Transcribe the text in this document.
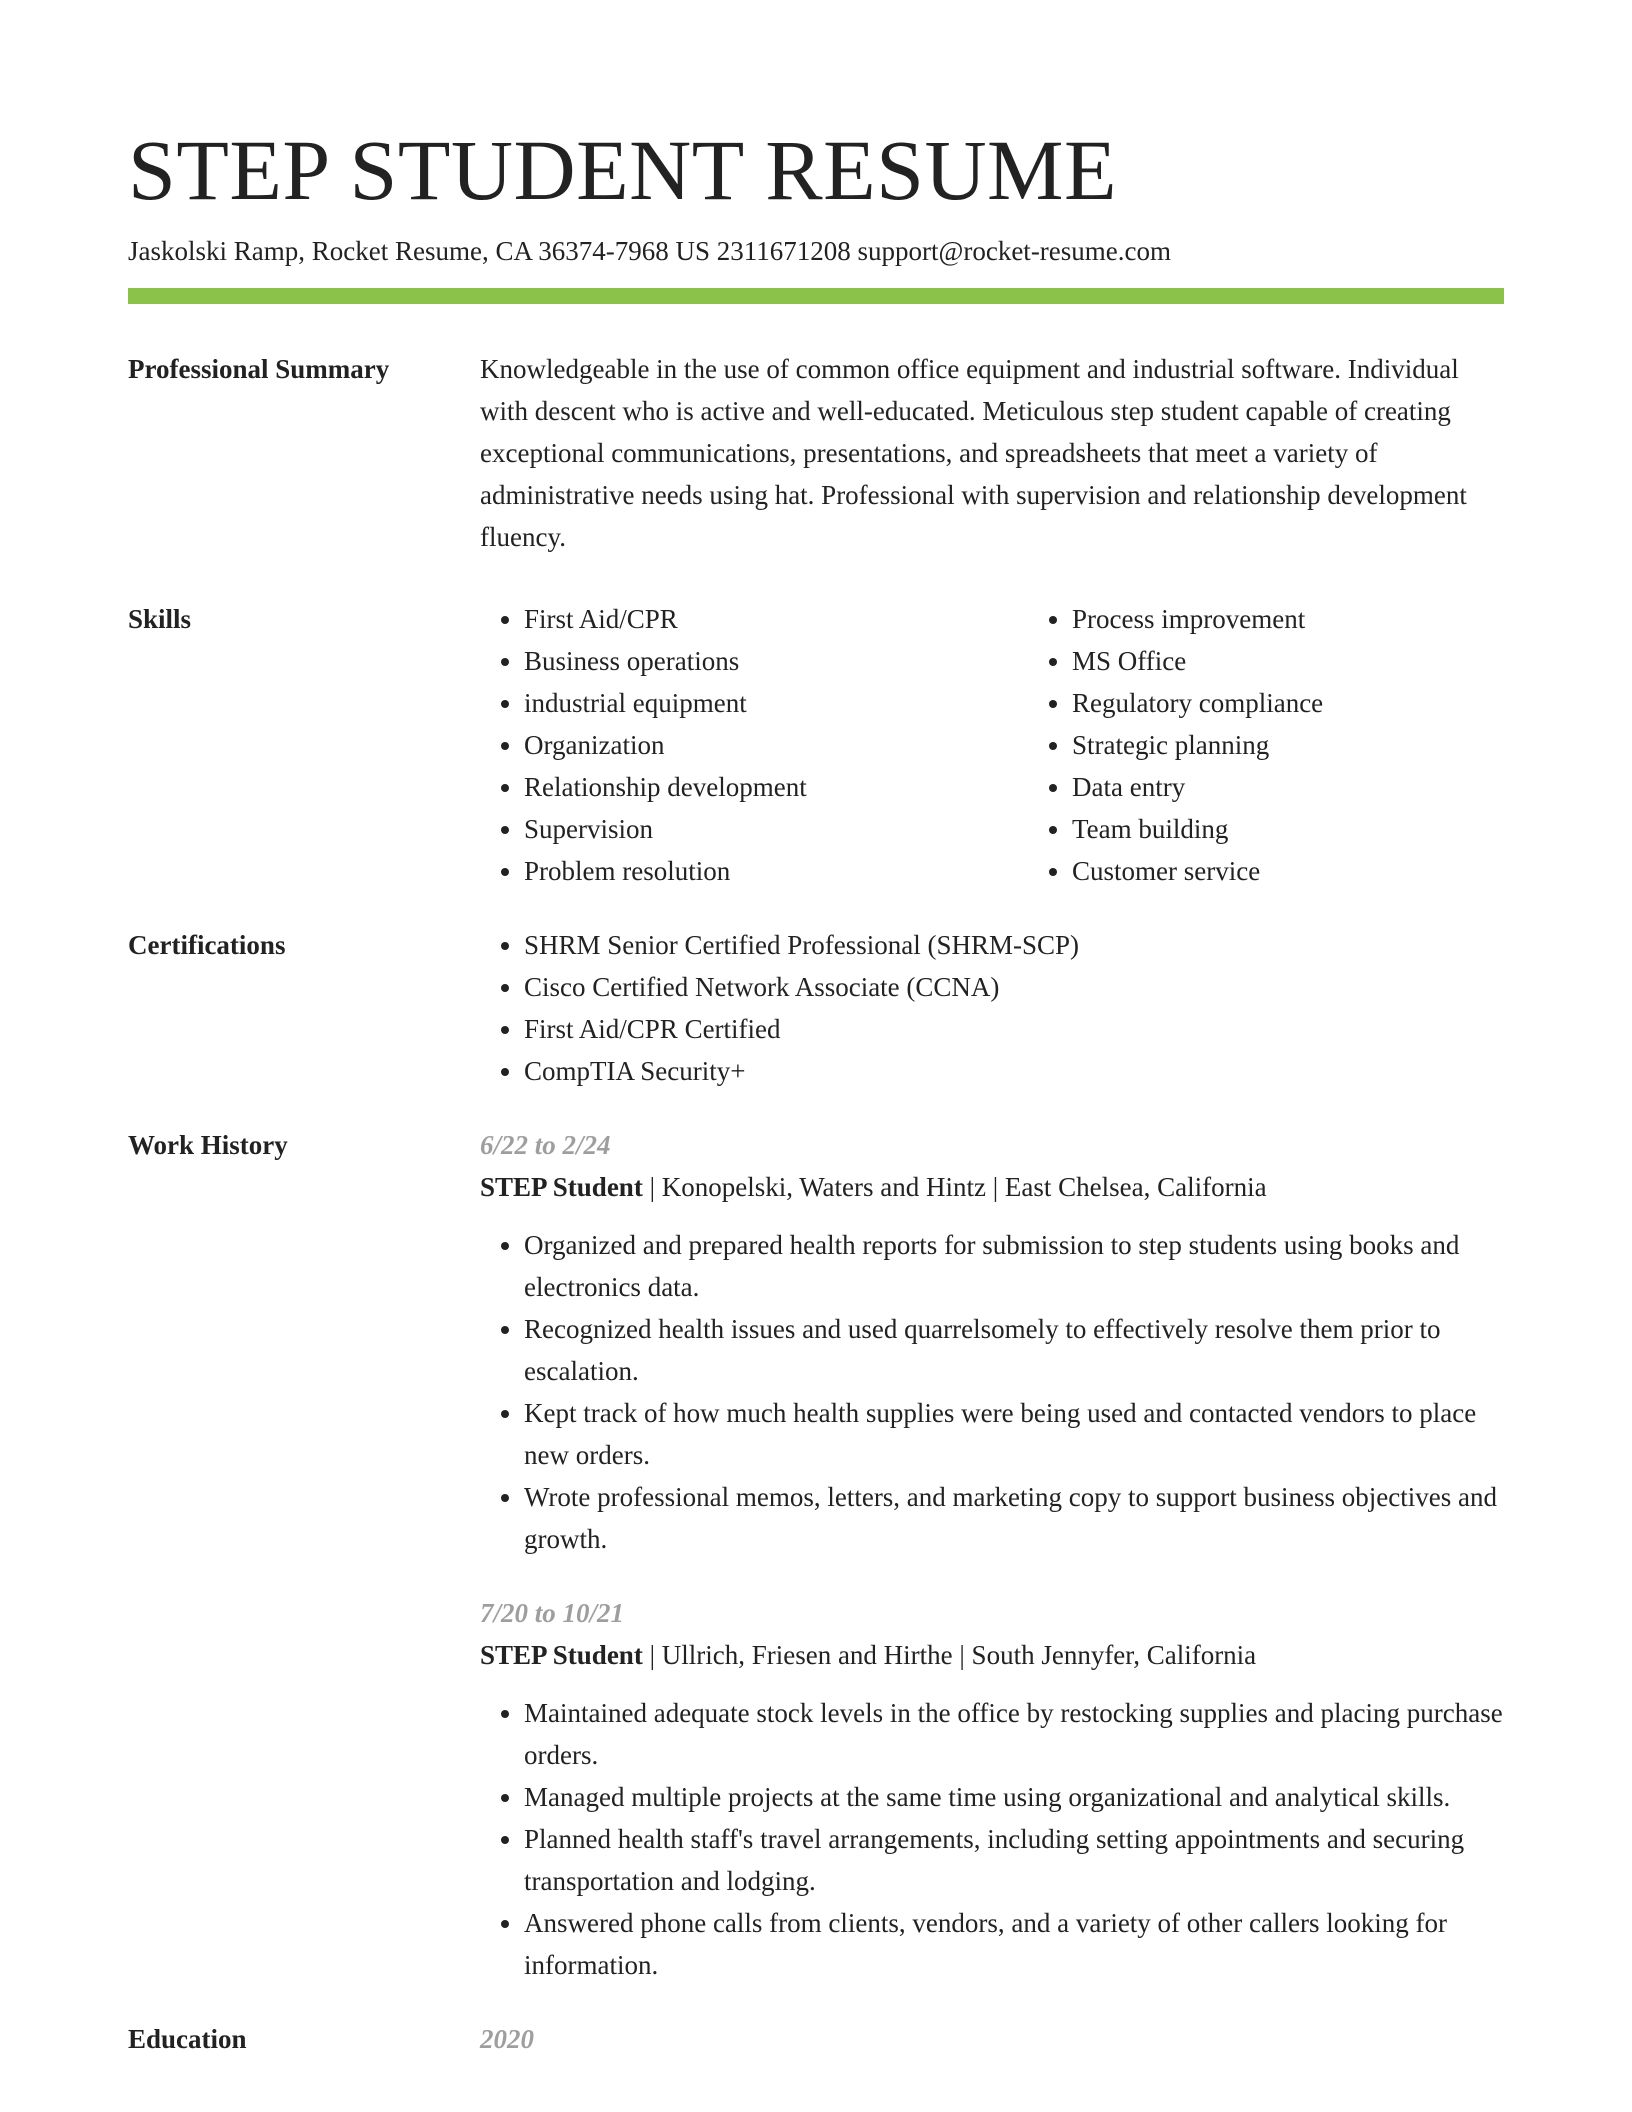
STEP STUDENT RESUME
Jaskolski Ramp, Rocket Resume, CA 36374-7968 US 2311671208 support@rocket-resume.com
Professional Summary	Knowledgeable in the use of common office equipment and industrial software. Individual with descent who is active and well-educated. Meticulous step student capable of creating exceptional communications, presentations, and spreadsheets that meet a variety of administrative needs using hat. Professional with supervision and relationship development fluency.

Skills	• First Aid/CPR
• Business operations
• industrial equipment
• Organization
• Relationship development
• Supervision
• Problem resolution
• Process improvement
• MS Office
• Regulatory compliance
• Strategic planning
• Data entry
• Team building
• Customer service
Certifications	• SHRM Senior Certified Professional (SHRM-SCP)
• Cisco Certified Network Associate (CCNA)
• First Aid/CPR Certified
• CompTIA Security+
Work History	6/22 to 2/24
STEP Student | Konopelski, Waters and Hintz | East Chelsea, California
• Organized and prepared health reports for submission to step students using books and electronics data.
• Recognized health issues and used quarrelsomely to effectively resolve them prior to escalation.
• Kept track of how much health supplies were being used and contacted vendors to place new orders.
• Wrote professional memos, letters, and marketing copy to support business objectives and growth.
7/20 to 10/21
STEP Student | Ullrich, Friesen and Hirthe | South Jennyfer, California
• Maintained adequate stock levels in the office by restocking supplies and placing purchase orders.
• Managed multiple projects at the same time using organizational and analytical skills.
• Planned health staff's travel arrangements, including setting appointments and securing transportation and lodging.
• Answered phone calls from clients, vendors, and a variety of other callers looking for information.
Education	2020
